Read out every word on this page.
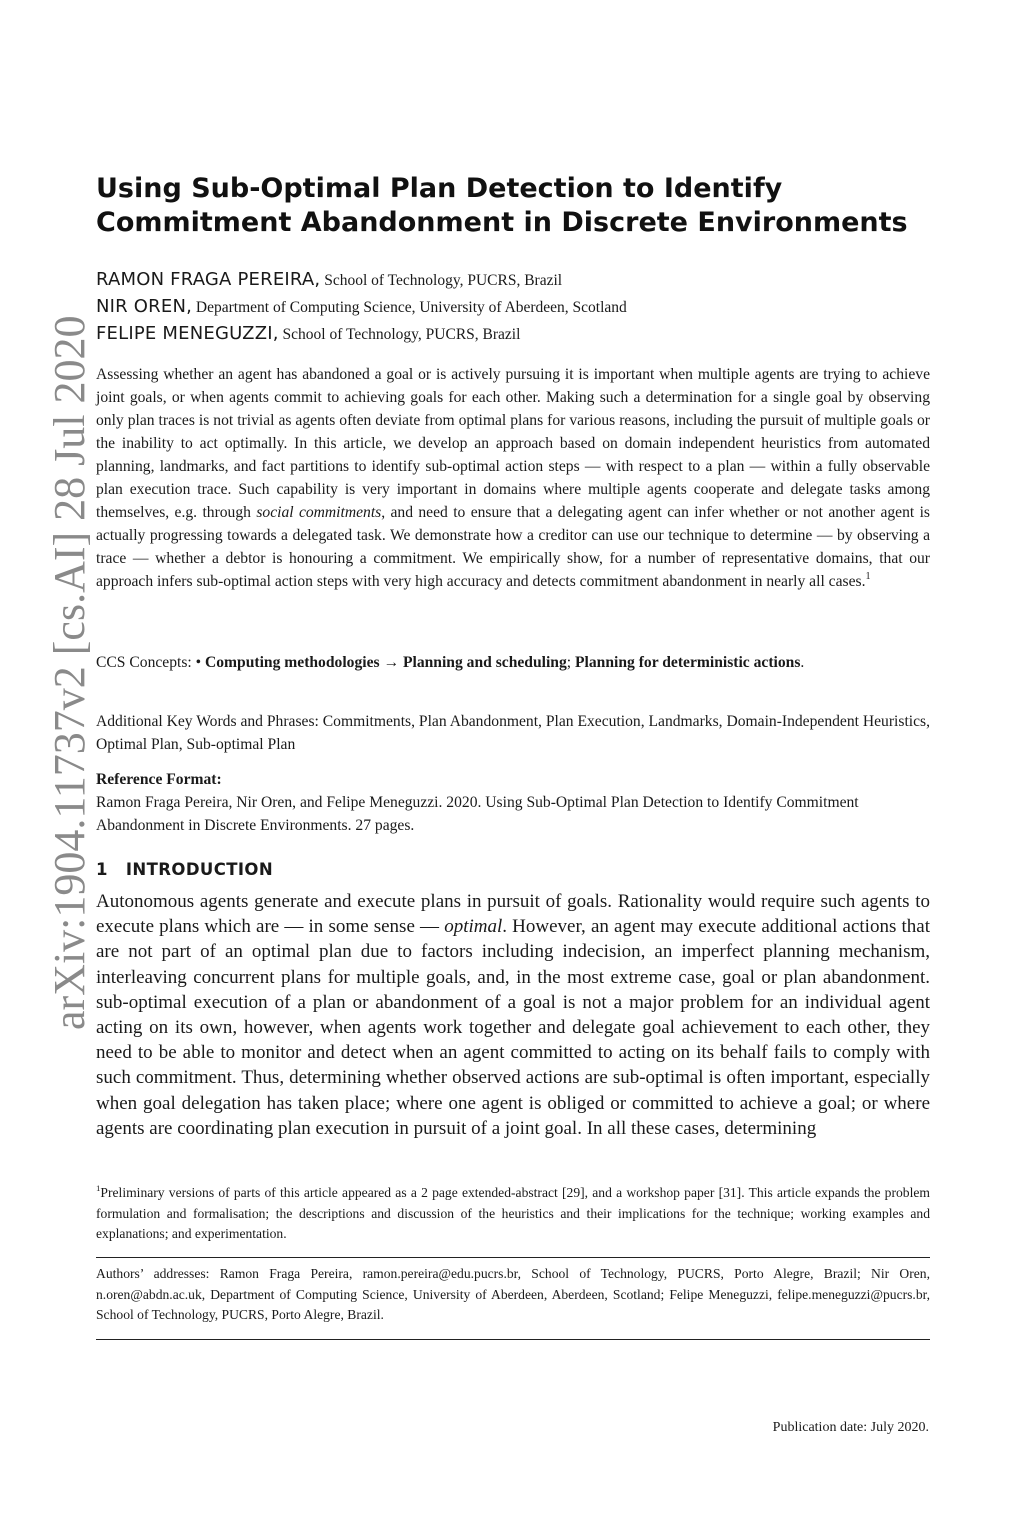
arXiv:1904.11737v2 [cs.AI] 28 Jul 2020
Using Sub-Optimal Plan Detection to Identify Commitment Abandonment in Discrete Environments
RAMON FRAGA PEREIRA, School of Technology, PUCRS, Brazil
NIR OREN, Department of Computing Science, University of Aberdeen, Scotland
FELIPE MENEGUZZI, School of Technology, PUCRS, Brazil

Assessing whether an agent has abandoned a goal or is actively pursuing it is important when multiple agents are trying to achieve joint goals, or when agents commit to achieving goals for each other. Making such a determination for a single goal by observing only plan traces is not trivial as agents often deviate from optimal plans for various reasons, including the pursuit of multiple goals or the inability to act optimally. In this article, we develop an approach based on domain independent heuristics from automated planning, landmarks, and fact partitions to identify sub-optimal action steps — with respect to a plan — within a fully observable plan execution trace. Such capability is very important in domains where multiple agents cooperate and delegate tasks among themselves, e.g. through social commitments, and need to ensure that a delegating agent can infer whether or not another agent is actually progressing towards a delegated task. We demonstrate how a creditor can use our technique to determine — by observing a trace — whether a debtor is honouring a commitment. We empirically show, for a number of representative domains, that our approach infers sub-optimal action steps with very high accuracy and detects commitment abandonment in nearly all cases.$^1$

CCS Concepts: • Computing methodologies → Planning and scheduling; Planning for deterministic actions.

Additional Key Words and Phrases: Commitments, Plan Abandonment, Plan Execution, Landmarks, Domain-Independent Heuristics, Optimal Plan, Sub-optimal Plan

Reference Format:

Ramon Fraga Pereira, Nir Oren, and Felipe Meneguzzi. 2020. Using Sub-Optimal Plan Detection to Identify Commitment Abandonment in Discrete Environments. 27 pages.

1 INTRODUCTION

Autonomous agents generate and execute plans in pursuit of goals. Rationality would require such agents to execute plans which are — in some sense — optimal. However, an agent may execute additional actions that are not part of an optimal plan due to factors including indecision, an imperfect planning mechanism, interleaving concurrent plans for multiple goals, and, in the most extreme case, goal or plan abandonment. sub-optimal execution of a plan or abandonment of a goal is not a major problem for an individual agent acting on its own, however, when agents work together and delegate goal achievement to each other, they need to be able to monitor and detect when an agent committed to acting on its behalf fails to comply with such commitment. Thus, determining whether observed actions are sub-optimal is often important, especially when goal delegation has taken place; where one agent is obliged or committed to achieve a goal; or where agents are coordinating plan execution in pursuit of a joint goal. In all these cases, determining

$^1$Preliminary versions of parts of this article appeared as a 2 page extended-abstract [29], and a workshop paper [31]. This article expands the problem formulation and formalisation; the descriptions and discussion of the heuristics and their implications for the technique; working examples and explanations; and experimentation.

Authors’ addresses: Ramon Fraga Pereira, ramon.pereira@edu.pucrs.br, School of Technology, PUCRS, Porto Alegre, Brazil; Nir Oren, n.oren@abdn.ac.uk, Department of Computing Science, University of Aberdeen, Aberdeen, Scotland; Felipe Meneguzzi, felipe.meneguzzi@pucrs.br, School of Technology, PUCRS, Porto Alegre, Brazil.

Publication date: July 2020.
